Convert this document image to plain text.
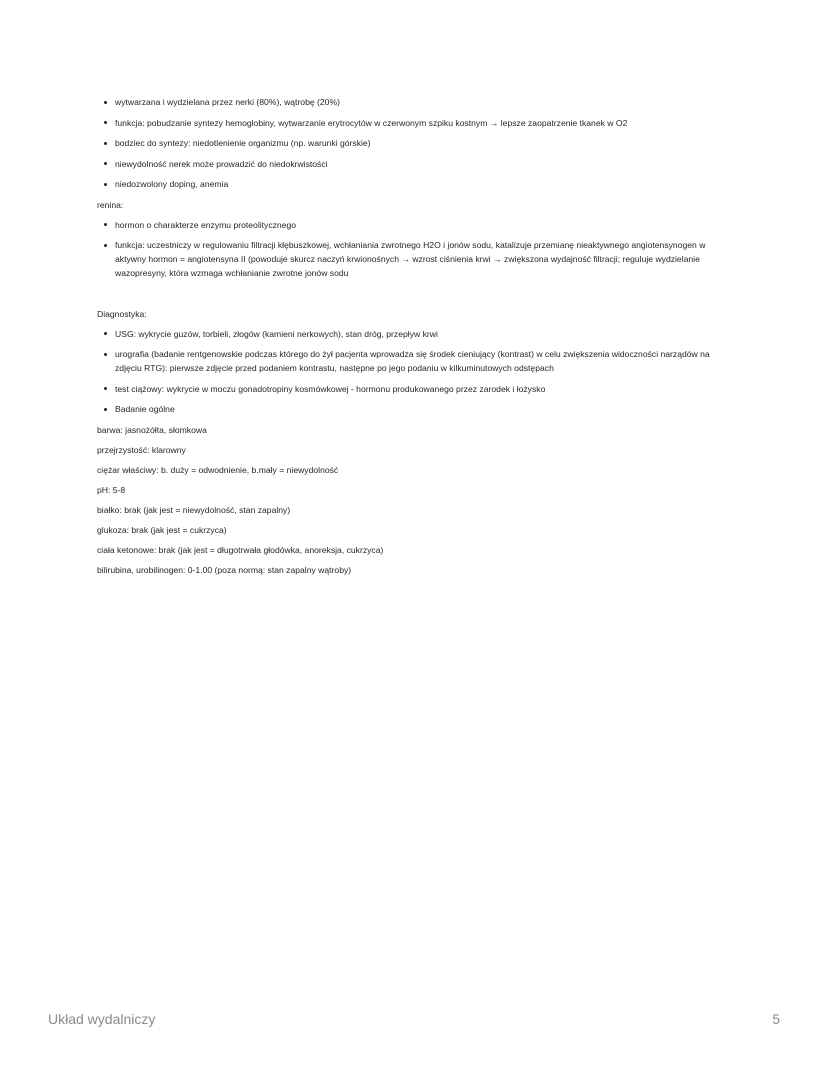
wytwarzana i wydzielana przez nerki (80%), wątrobę (20%)
funkcja: pobudzanie syntezy hemoglobiny, wytwarzanie erytrocytów w czerwonym szpiku kostnym → lepsze zaopatrzenie tkanek w O2
bodziec do syntezy: niedotlenienie organizmu (np. warunki górskie)
niewydolność nerek może prowadzić do niedokrwistości
niedozwolony doping, anemia

renina:

hormon o charakterze enzymu proteolitycznego
funkcja: uczestniczy w regulowaniu filtracji kłębuszkowej, wchłaniania zwrotnego H2O i jonów sodu, katalizuje przemianę nieaktywnego angiotensynogen w aktywny hormon = angiotensyna II (powoduje skurcz naczyń krwionośnych → wzrost ciśnienia krwi → zwiększona wydajność filtracji; reguluje wydzielanie wazopresyny, która wzmaga wchłanianie zwrotne jonów sodu

Diagnostyka:

USG: wykrycie guzów, torbieli, złogów (kamieni nerkowych), stan dróg, przepływ krwi
urografia (badanie rentgenowskie podczas którego do żył pacjenta wprowadza się środek cieniujący (kontrast) w celu zwiększenia widoczności narządów na zdjęciu RTG): pierwsze zdjęcie przed podaniem kontrastu, następne po jego podaniu w kilkuminutowych odstępach
test ciążowy: wykrycie w moczu gonadotropiny kosmówkowej - hormonu produkowanego przez zarodek i łożysko
Badanie ogólne

barwa: jasnożółta, słomkowa

przejrzystość: klarowny

ciężar właściwy: b. duży = odwodnienie, b.mały = niewydolność

pH: 5-8

białko: brak (jak jest = niewydolność, stan zapalny)

glukoza: brak (jak jest = cukrzyca)

ciała ketonowe: brak (jak jest = długotrwała głodówka, anoreksja, cukrzyca)

bilirubina, urobilinogen: 0-1.00 (poza normą: stan zapalny wątroby)

Układ wydalniczy	5
